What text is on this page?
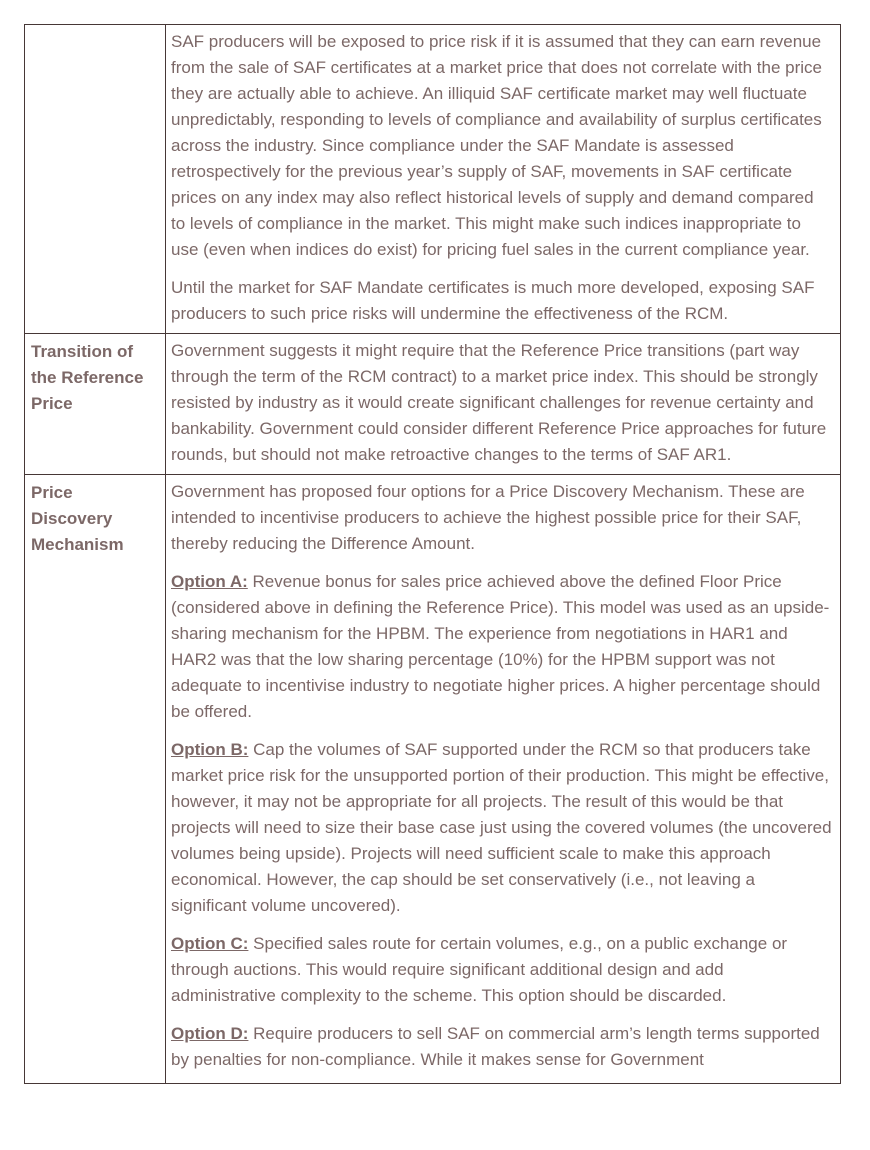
	SAF producers will be exposed to price risk if it is assumed that they can earn revenue from the sale of SAF certificates at a market price that does not correlate with the price they are actually able to achieve. An illiquid SAF certificate market may well fluctuate unpredictably, responding to levels of compliance and availability of surplus certificates across the industry. Since compliance under the SAF Mandate is assessed retrospectively for the previous year’s supply of SAF, movements in SAF certificate prices on any index may also reflect historical levels of supply and demand compared to levels of compliance in the market. This might make such indices inappropriate to use (even when indices do exist) for pricing fuel sales in the current compliance year.

Until the market for SAF Mandate certificates is much more developed, exposing SAF producers to such price risks will undermine the effectiveness of the RCM.

Transition of the Reference Price	Government suggests it might require that the Reference Price transitions (part way through the term of the RCM contract) to a market price index. This should be strongly resisted by industry as it would create significant challenges for revenue certainty and bankability. Government could consider different Reference Price approaches for future rounds, but should not make retroactive changes to the terms of SAF AR1.

Price Discovery Mechanism	Government has proposed four options for a Price Discovery Mechanism. These are intended to incentivise producers to achieve the highest possible price for their SAF, thereby reducing the Difference Amount.

Option A: Revenue bonus for sales price achieved above the defined Floor Price (considered above in defining the Reference Price). This model was used as an upside-sharing mechanism for the HPBM. The experience from negotiations in HAR1 and HAR2 was that the low sharing percentage (10%) for the HPBM support was not adequate to incentivise industry to negotiate higher prices. A higher percentage should be offered.

Option B: Cap the volumes of SAF supported under the RCM so that producers take market price risk for the unsupported portion of their production. This might be effective, however, it may not be appropriate for all projects. The result of this would be that projects will need to size their base case just using the covered volumes (the uncovered volumes being upside). Projects will need sufficient scale to make this approach economical. However, the cap should be set conservatively (i.e., not leaving a significant volume uncovered).

Option C: Specified sales route for certain volumes, e.g., on a public exchange or through auctions. This would require significant additional design and add administrative complexity to the scheme. This option should be discarded.

Option D: Require producers to sell SAF on commercial arm’s length terms supported by penalties for non-compliance. While it makes sense for Government
